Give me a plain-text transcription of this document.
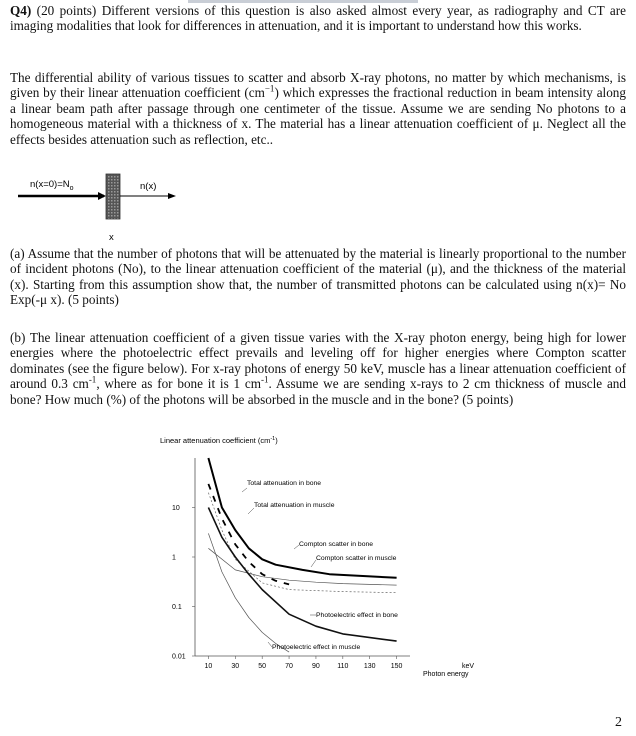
Q4) (20 points) Different versions of this question is also asked almost every year, as radiography and CT are imaging modalities that look for differences in attenuation, and it is important to understand how this works.

The differential ability of various tissues to scatter and absorb X-ray photons, no matter by which mechanisms, is given by their linear attenuation coefficient $(cm^{-1})$ which expresses the fractional reduction in beam intensity along a linear beam path after passage through one centimeter of the tissue. Assume we are sending No photons to a homogeneous material with a thickness of x. The material has a linear attenuation coefficient of μ. Neglect all the effects besides attenuation such as reflection, etc..

$n(x=0)=N_o$	n(x)
x

(a) Assume that the number of photons that will be attenuated by the material is linearly proportional to the number of incident photons (No), to the linear attenuation coefficient of the material (μ), and the thickness of the material (x). Starting from this assumption show that, the number of transmitted photons can be calculated using n(x)= No Exp(-μ x). (5 points)

(b) The linear attenuation coefficient of a given tissue varies with the X-ray photon energy, being high for lower energies where the photoelectric effect prevails and leveling off for higher energies where Compton scatter dominates (see the figure below). For x-ray photons of energy 50 keV, muscle has a linear attenuation coefficient of around 0.3 $cm^{-1}$, where as for bone it is 1 $cm^{-1}$. Assume we are sending x-rays to 2 cm thickness of muscle and bone? How much (%) of the photons will be absorbed in the muscle and in the bone? (5 points)

Linear attenuation coefficient $(cm^{-1})$
10
1
0.1
0.01
10	30	50	70	90 110 130 150
Total attenuation in bone
Total attenuation in muscle
Compton scatter in bone
Compton scatter in muscle
Photoelectric effect in bone
Photoelectric effect in muscle
keV
Photon energy
2
